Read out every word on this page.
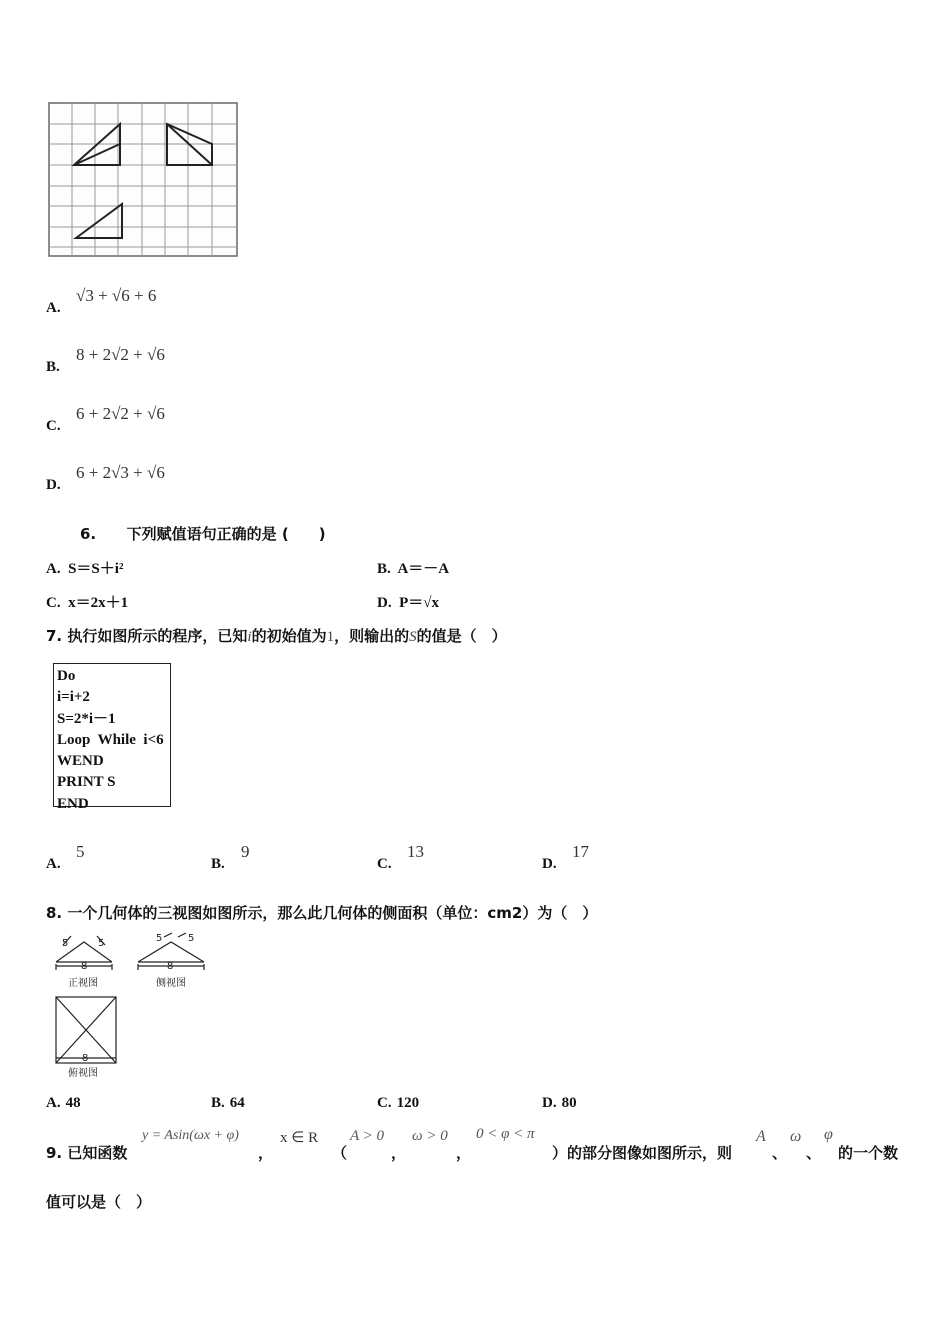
A.
√3 + √6 + 6
B.
8 + 2√2 + √6
C.
6 + 2√2 + √6
D.
6 + 2√3 + √6
6. 下列赋值语句正确的是 (　　)
A. S＝S＋i²	B. A＝－A
C. x＝2x＋1	D. P＝√x
7. 执行如图所示的程序，已知i的初始值为1，则输出的S的值是（　）
Do
i=i+2
S=2*i－1
Loop  While  i<6
WEND
PRINT S
END
A.
5
B.
9
C.
13
D.
17
8. 一个几何体的三视图如图所示，那么此几何体的侧面积（单位：cm2）为（　）
5	5
8
正视图
5	5
8
侧视图
8
俯视图
A. 48	B. 64	C. 120	D. 80
9. 已知函数
y = Asin(ωx + φ)
，
x ∈ R
（
A > 0
，
ω > 0
，
0 < φ < π
）的部分图像如图所示，则
A
、
ω
、
φ
的一个数
值可以是（　）
